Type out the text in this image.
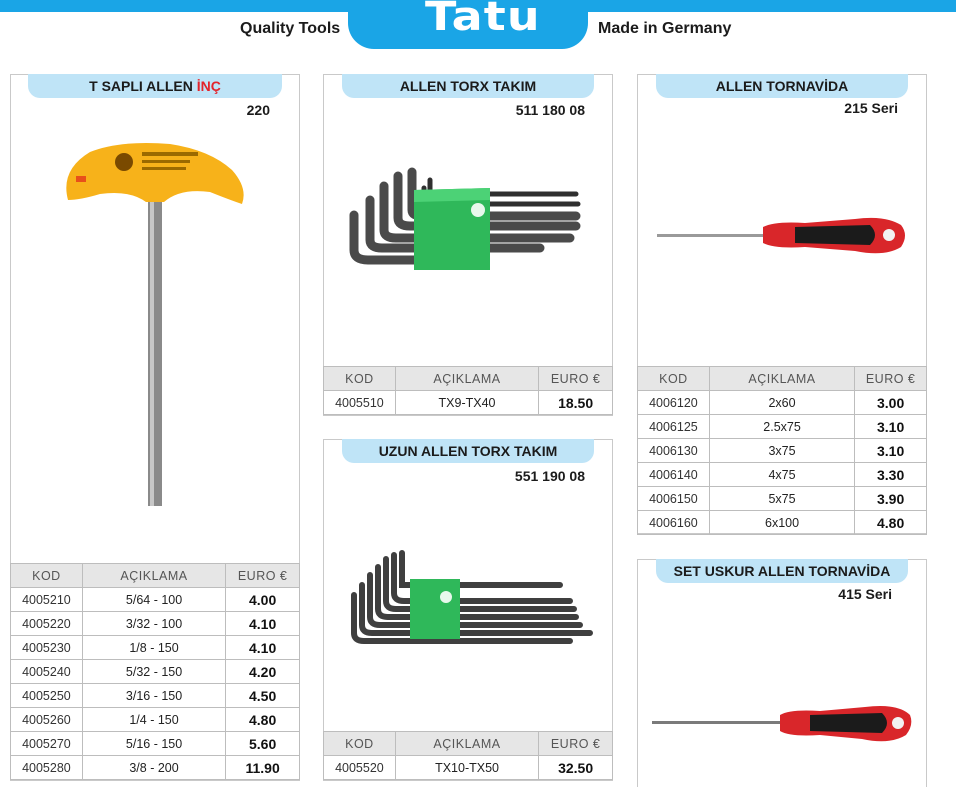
Tatu
Quality Tools	Made in Germany
T SAPLI ALLEN İNÇ
220
KOD	AÇIKLAMA	EURO €
4005210	5/64 - 100	4.00
4005220	3/32 - 100	4.10
4005230	1/8 - 150	4.10
4005240	5/32 - 150	4.20
4005250	3/16 - 150	4.50
4005260	1/4 - 150	4.80
4005270	5/16 - 150	5.60
4005280	3/8 - 200	11.90
ALLEN TORX TAKIM
511 180 08
KOD	AÇIKLAMA	EURO €
4005510	TX9-TX40	18.50
UZUN ALLEN TORX TAKIM
551 190 08
KOD	AÇIKLAMA	EURO €
4005520	TX10-TX50	32.50
ALLEN TORNAVİDA
215 Seri
KOD	AÇIKLAMA	EURO €
4006120	2x60	3.00
4006125	2.5x75	3.10
4006130	3x75	3.10
4006140	4x75	3.30
4006150	5x75	3.90
4006160	6x100	4.80
SET USKUR ALLEN TORNAVİDA
415 Seri
